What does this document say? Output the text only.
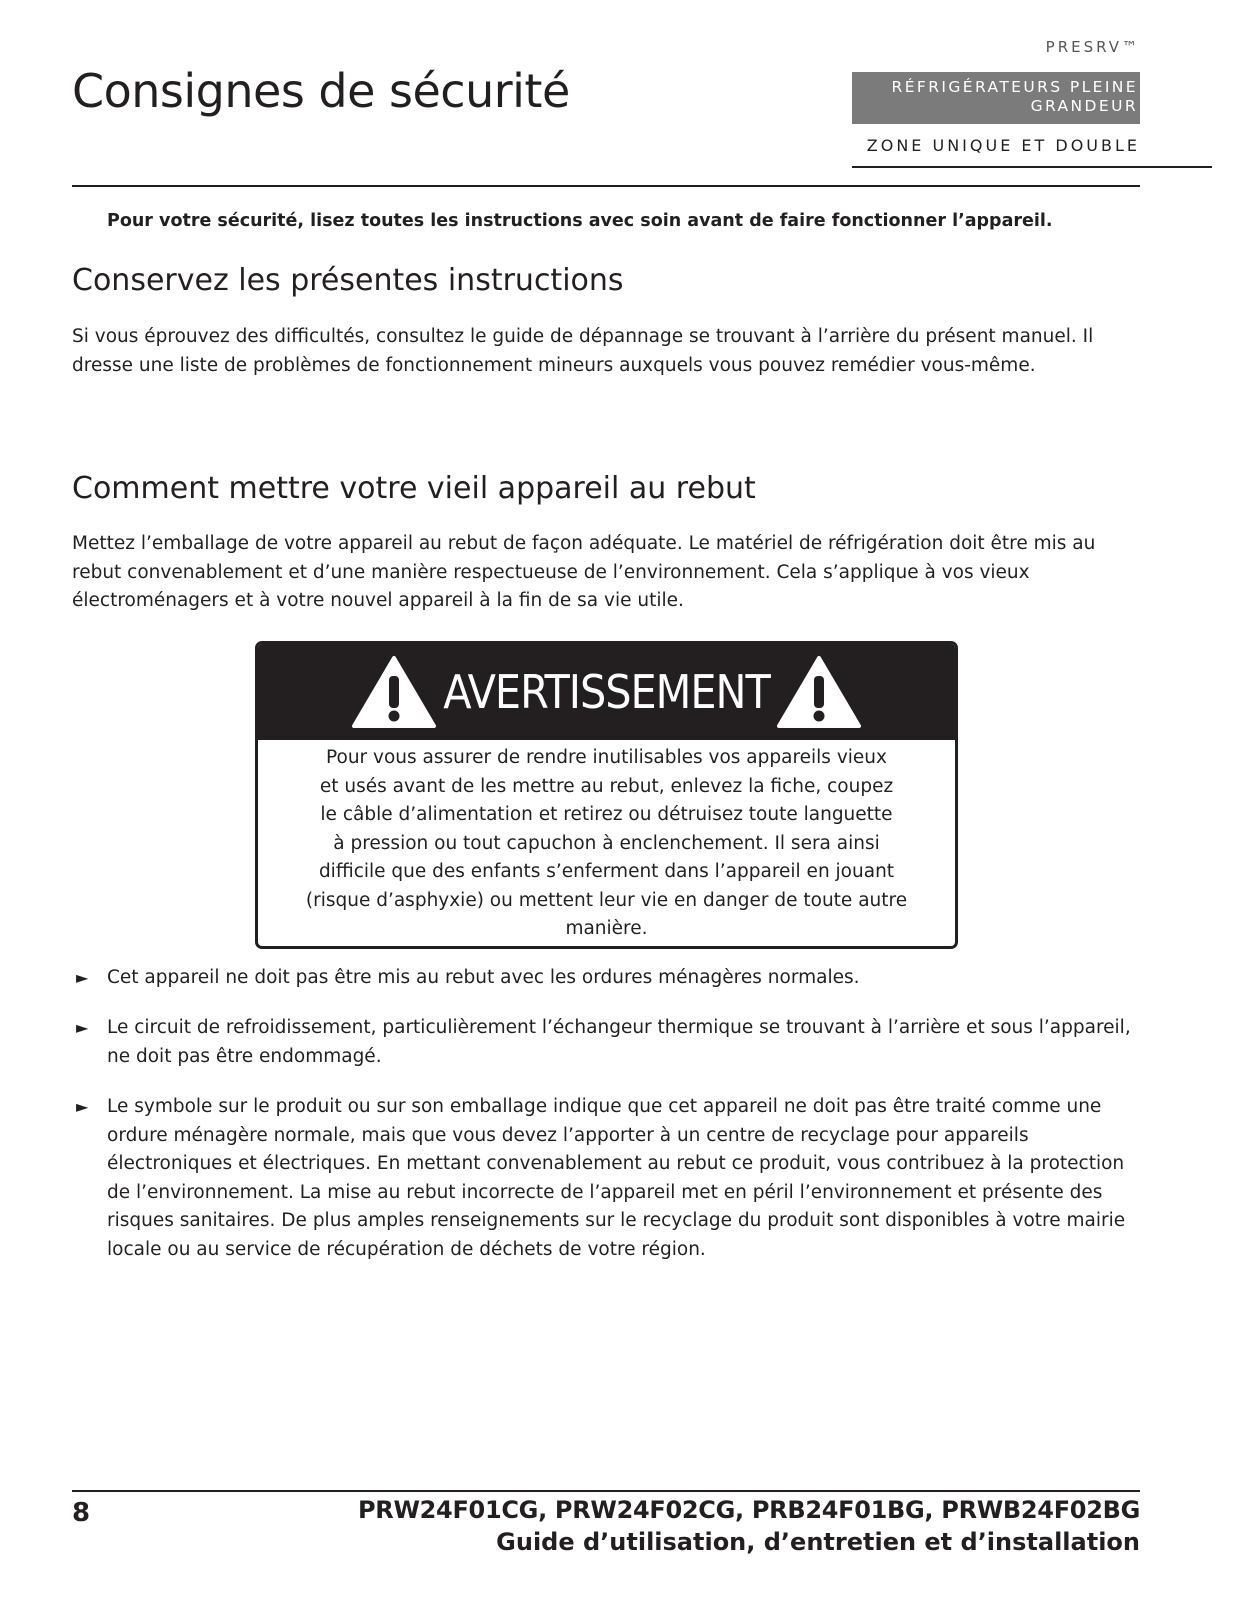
Consignes de sécurité
PRESRV™
RÉFRIGÉRATEURS PLEINE
GRANDEUR
ZONE UNIQUE ET DOUBLE
Pour votre sécurité, lisez toutes les instructions avec soin avant de faire fonctionner l’appareil.
Conservez les présentes instructions
Si vous éprouvez des difficultés, consultez le guide de dépannage se trouvant à l’arrière du présent manuel. Il dresse une liste de problèmes de fonctionnement mineurs auxquels vous pouvez remédier vous-même.
Comment mettre votre vieil appareil au rebut
Mettez l’emballage de votre appareil au rebut de façon adéquate. Le matériel de réfrigération doit être mis au rebut convenablement et d’une manière respectueuse de l’environnement. Cela s’applique à vos vieux électroménagers et à votre nouvel appareil à la fin de sa vie utile.
AVERTISSEMENT
Pour vous assurer de rendre inutilisables vos appareils vieux
et usés avant de les mettre au rebut, enlevez la fiche, coupez
le câble d’alimentation et retirez ou détruisez toute languette
à pression ou tout capuchon à enclenchement. Il sera ainsi
difficile que des enfants s’enferment dans l’appareil en jouant
(risque d’asphyxie) ou mettent leur vie en danger de toute autre
manière.
► Cet appareil ne doit pas être mis au rebut avec les ordures ménagères normales.
► Le circuit de refroidissement, particulièrement l’échangeur thermique se trouvant à l’arrière et sous l’appareil, ne doit pas être endommagé.
► Le symbole sur le produit ou sur son emballage indique que cet appareil ne doit pas être traité comme une ordure ménagère normale, mais que vous devez l’apporter à un centre de recyclage pour appareils électroniques et électriques. En mettant convenablement au rebut ce produit, vous contribuez à la protection de l’environnement. La mise au rebut incorrecte de l’appareil met en péril l’environnement et présente des risques sanitaires. De plus amples renseignements sur le recyclage du produit sont disponibles à votre mairie locale ou au service de récupération de déchets de votre région.
8	PRW24F01CG, PRW24F02CG, PRB24F01BG, PRWB24F02BG
Guide d’utilisation, d’entretien et d’installation
